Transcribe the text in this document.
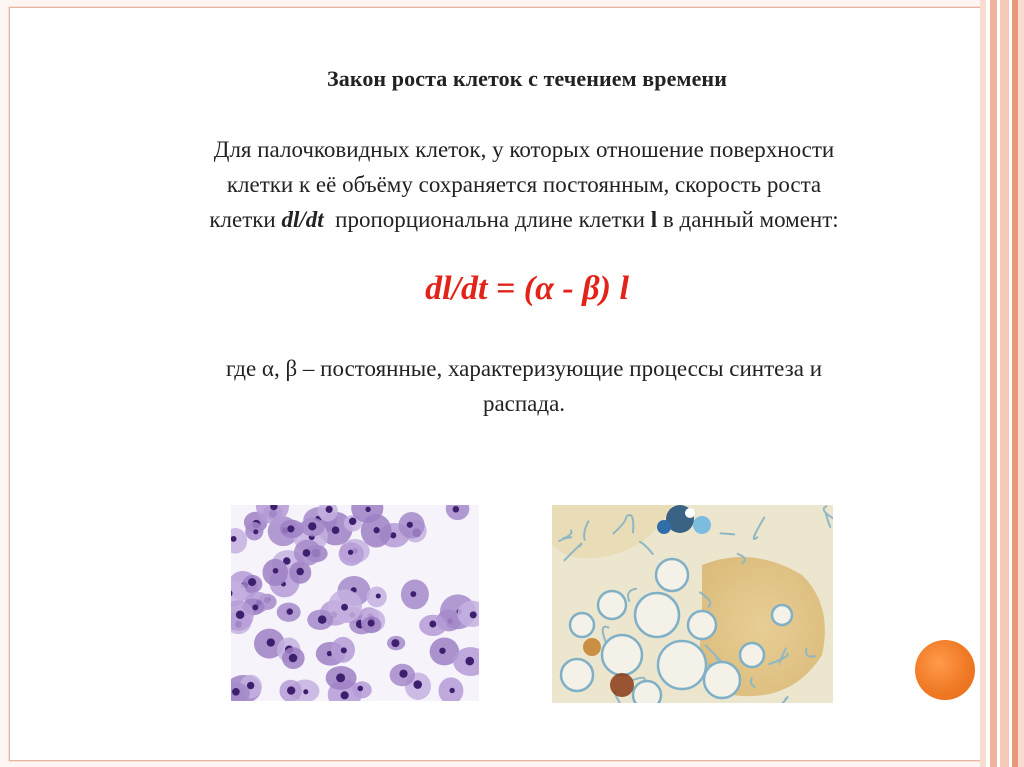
Закон роста клеток с течением времени
Для палочковидных клеток, у которых отношение поверхности
клетки к её объёму сохраняется постоянным, скорость роста
клетки dl/dt  пропорциональна длине клетки l в данный момент:
dl/dt = (α - β) l
где α, β – постоянные, характеризующие процессы синтеза и
распада.
